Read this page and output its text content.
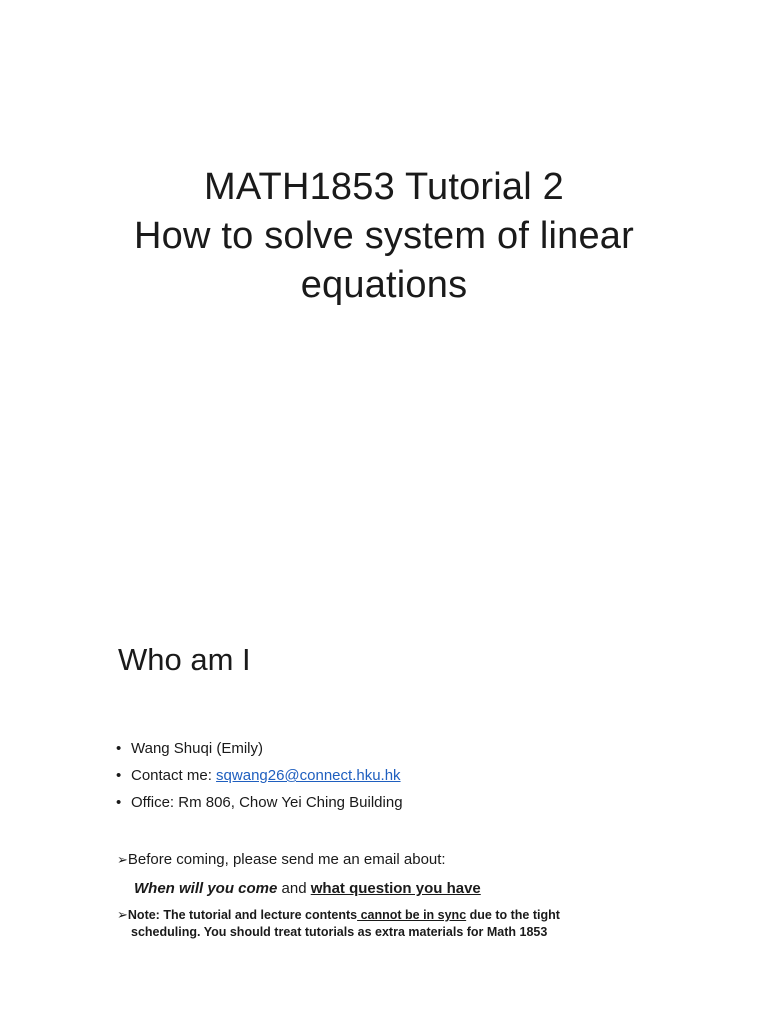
MATH1853 Tutorial 2
How to solve system of linear
equations
Who am I
• Wang Shuqi (Emily)
• Contact me: sqwang26@connect.hku.hk
• Office: Rm 806, Chow Yei Ching Building
➢Before coming, please send me an email about:
When will you come and what question you have
➢Note: The tutorial and lecture contents cannot be in sync due to the tight
scheduling. You should treat tutorials as extra materials for Math 1853
